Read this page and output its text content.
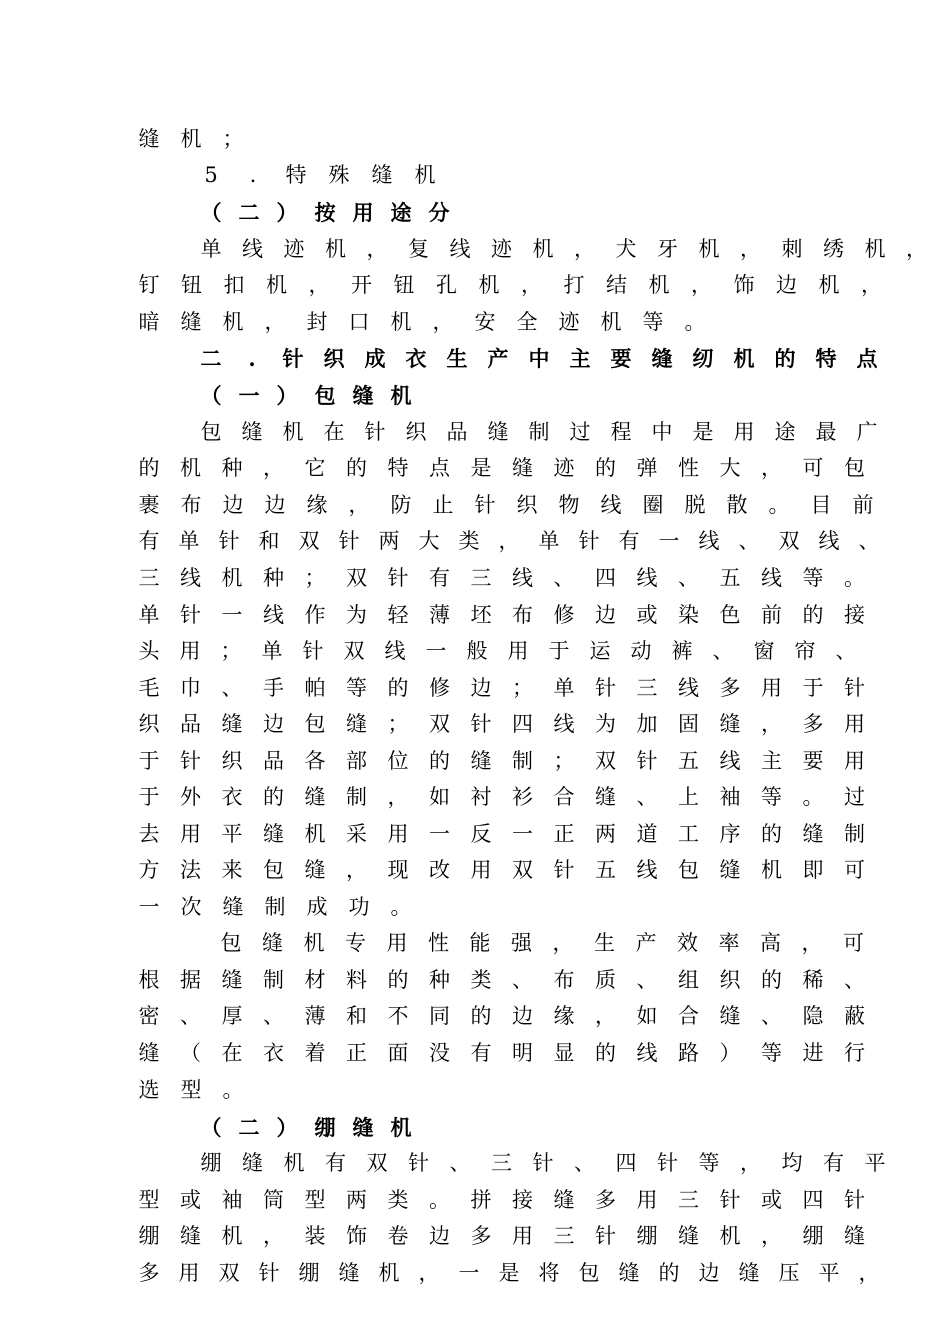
缝 机 ；
5	.	特 殊 缝 机
（ 二 ） 按 用 途 分
单 线 迹 机 ， 复 线 迹 机 ， 犬 牙 机 ， 刺 绣 机 ，
钉 钮 扣 机 ， 开 钮 孔 机 ， 打 结 机 ， 饰 边 机 ，
暗 缝 机 ， 封 口 机 ， 安 全 迹 机 等 。
二	.	针 织 成 衣 生 产 中 主 要 缝 纫 机 的 特 点
（ 一 ） 包 缝 机
包 缝 机 在 针 织 品 缝 制 过 程 中 是 用 途 最 广
的 机 种 ， 它 的 特 点 是 缝 迹 的 弹 性 大 ， 可 包
裹 布 边 边 缘 ， 防 止 针 织 物 线 圈 脱 散 。 目 前
有 单 针 和 双 针 两 大 类 ， 单 针 有 一 线 、 双 线 、
三 线 机 种 ； 双 针 有 三 线 、 四 线 、 五 线 等 。
单 针 一 线 作 为 轻 薄 坯 布 修 边 或 染 色 前 的 接
头 用 ； 单 针 双 线 一 般 用 于 运 动 裤 、 窗 帘 、
毛 巾 、 手 帕 等 的 修 边 ； 单 针 三 线 多 用 于 针
织 品 缝 边 包 缝 ； 双 针 四 线 为 加 固 缝 ， 多 用
于 针 织 品 各 部 位 的 缝 制 ； 双 针 五 线 主 要 用
于 外 衣 的 缝 制 ， 如 衬 衫 合 缝 、 上 袖 等 。 过
去 用 平 缝 机 采 用 一 反 一 正 两 道 工 序 的 缝 制
方 法 来 包 缝 ， 现 改 用 双 针 五 线 包 缝 机 即 可
一 次 缝 制 成 功 。
包 缝 机 专 用 性 能 强 ， 生 产 效 率 高 ， 可
根 据 缝 制 材 料 的 种 类 、 布 质 、 组 织 的 稀 、
密 、 厚 、 薄 和 不 同 的 边 缘 ， 如 合 缝 、 隐 蔽
缝 （ 在 衣 着 正 面 没 有 明 显 的 线 路 ） 等 进 行
选 型 。
（ 二 ） 绷 缝 机
绷 缝 机 有 双 针 、 三 针 、 四 针 等 ， 均 有 平
型 或 袖 筒 型 两 类 。 拼 接 缝 多 用 三 针 或 四 针
绷 缝 机 ， 装 饰 卷 边 多 用 三 针 绷 缝 机 ， 绷 缝
多 用 双 针 绷 缝 机 ， 一 是 将 包 缝 的 边 缝 压 平 ，
